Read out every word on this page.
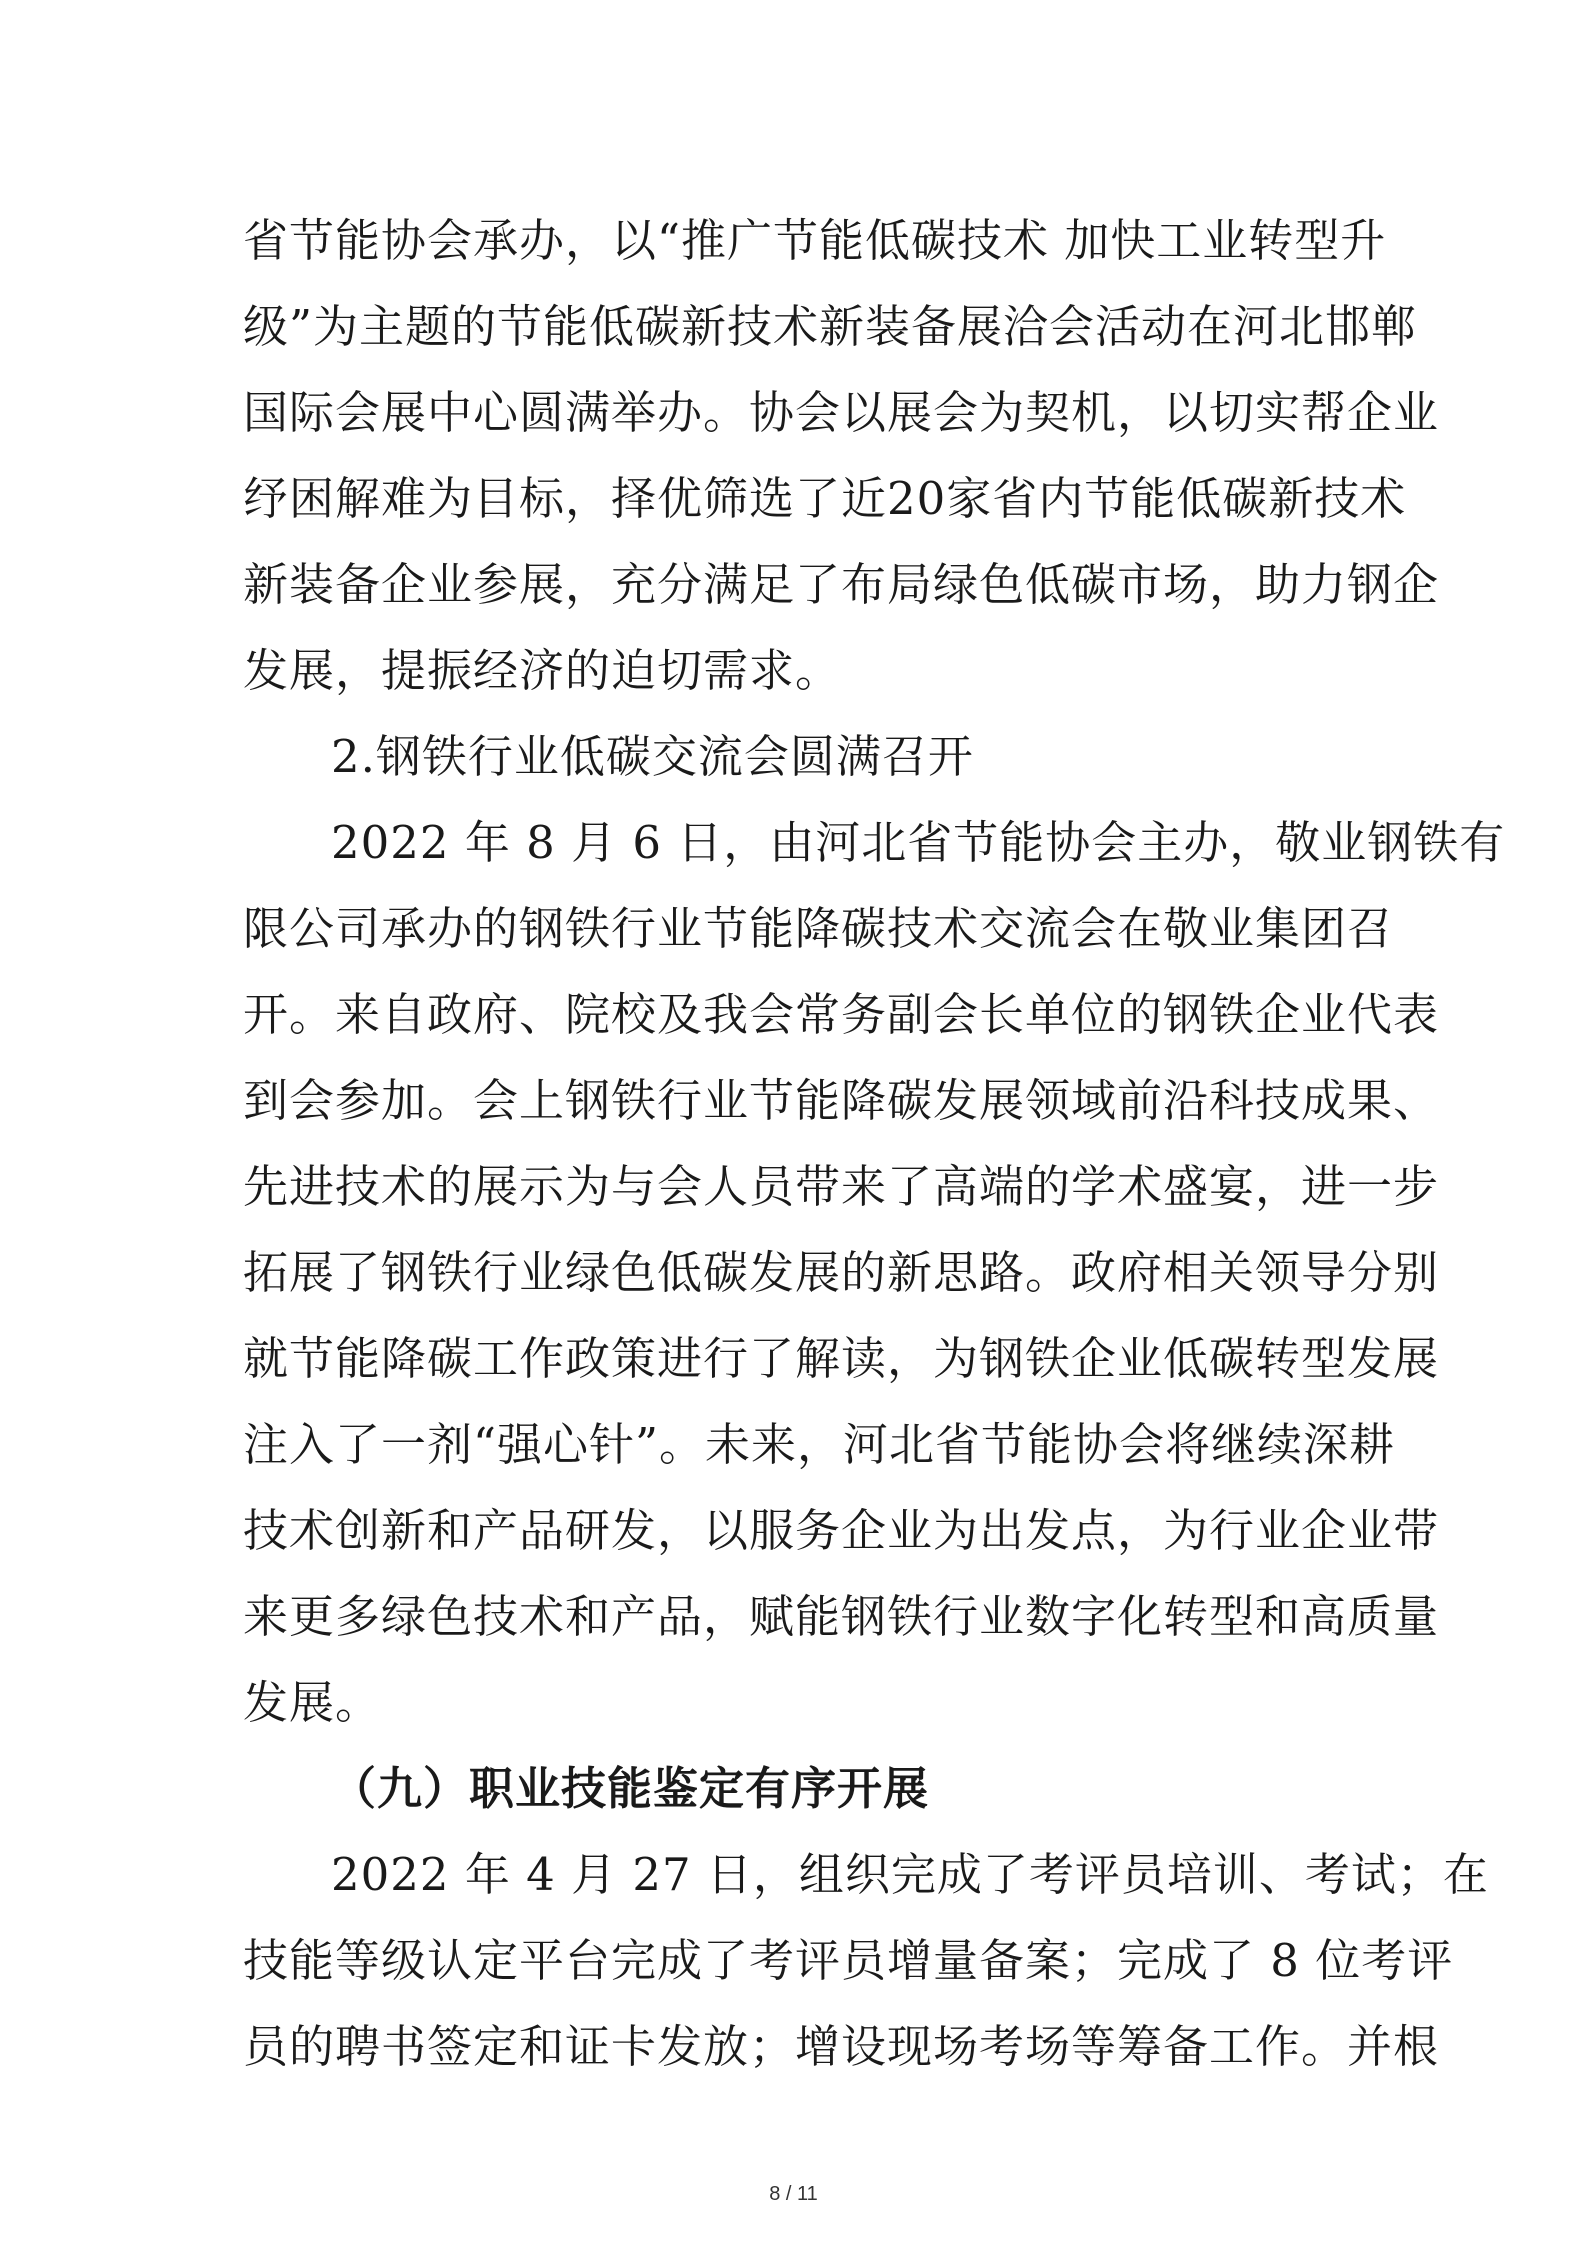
省节能协会承办，以“推广节能低碳技术 加快工业转型升
级”为主题的节能低碳新技术新装备展洽会活动在河北邯郸
国际会展中心圆满举办。协会以展会为契机，以切实帮企业
纾困解难为目标，择优筛选了近20家省内节能低碳新技术
新装备企业参展，充分满足了布局绿色低碳市场，助力钢企
发展，提振经济的迫切需求。
2.钢铁行业低碳交流会圆满召开
2022 年 8 月 6 日，由河北省节能协会主办，敬业钢铁有
限公司承办的钢铁行业节能降碳技术交流会在敬业集团召
开。来自政府、院校及我会常务副会长单位的钢铁企业代表
到会参加。会上钢铁行业节能降碳发展领域前沿科技成果、
先进技术的展示为与会人员带来了高端的学术盛宴，进一步
拓展了钢铁行业绿色低碳发展的新思路。政府相关领导分别
就节能降碳工作政策进行了解读，为钢铁企业低碳转型发展
注入了一剂“强心针”。未来，河北省节能协会将继续深耕
技术创新和产品研发，以服务企业为出发点，为行业企业带
来更多绿色技术和产品，赋能钢铁行业数字化转型和高质量
发展。
（九）职业技能鉴定有序开展
2022 年 4 月 27 日，组织完成了考评员培训、考试；在
技能等级认定平台完成了考评员增量备案；完成了 8 位考评
员的聘书签定和证卡发放；增设现场考场等筹备工作。并根
8 / 11
